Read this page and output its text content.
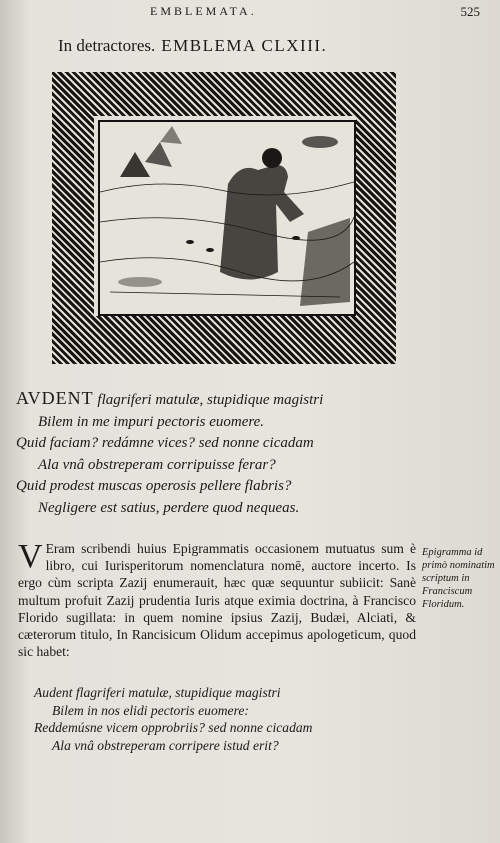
EMBLEMATA.	525
In detractores. EMBLEMA CLXIII.
AVDENT flagriferi matulæ, stupidique magistri
Bilem in me impuri pectoris euomere.
Quid faciam? redámne vices? sed nonne cicadam
Ala vnâ obstreperam corripuisse ferar?
Quid prodest muscas operosis pellere flabris?
Negligere est satius, perdere quod nequeas.
V Eram scribendi huius Epigrammatis occasionem mutuatus sum è libro, cui Iurisperitorum nomenclatura nomē, auctore incerto. Is ergo cùm scripta Zazij enumerauit, hæc quæ sequuntur subiicit: Sanè multum profuit Zazij prudentia Iuris atque eximia doctrina, à Francisco Florido sugillata: in quem nomine ipsius Zazij, Budæi, Alciati, & cæterorum titulo, In Rancisicum Olidum accepimus apologeticum, quod sic habet:

Audent flagriferi matulæ, stupidique magistri
Bilem in nos elidi pectoris euomere:
Reddemúsne vicem opprobriis? sed nonne cicadam
Ala vnâ obstreperam corripere istud erit?
Epigramma id primò nominatim scriptum in Franciscum Floridum.
